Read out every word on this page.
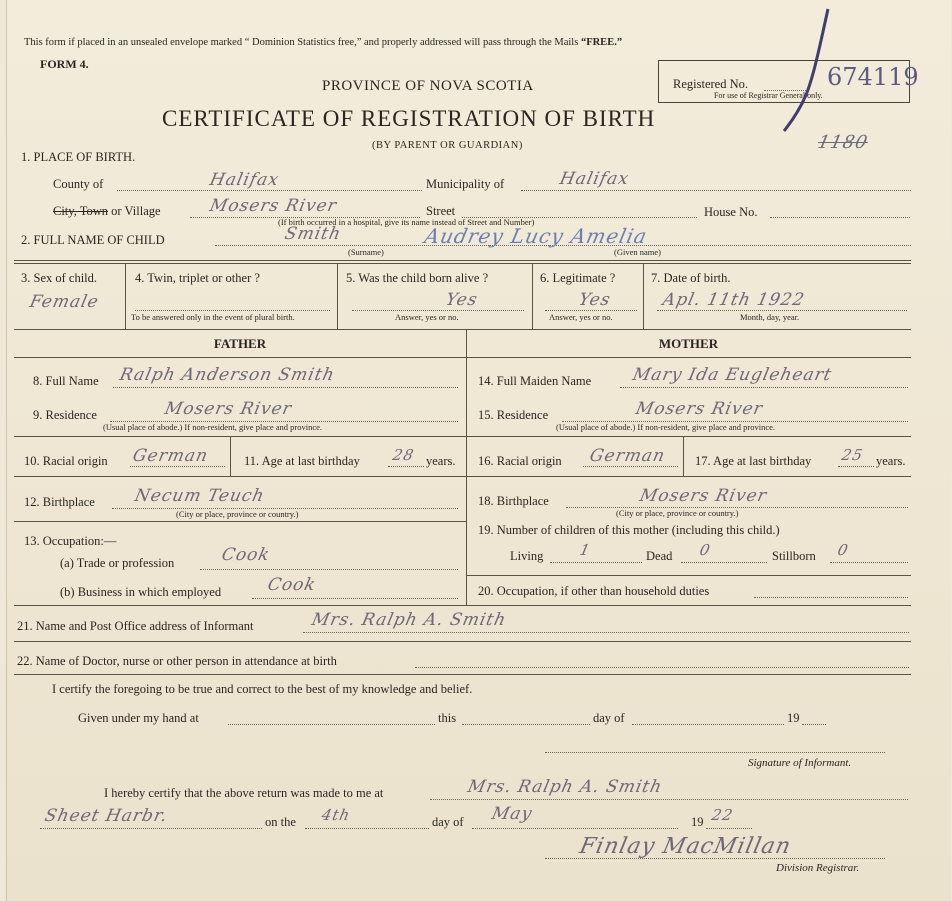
This form if placed in an unsealed envelope marked “ Dominion Statistics free,” and properly addressed will pass through the Mails “FREE.”
FORM 4.
PROVINCE OF NOVA SCOTIA
CERTIFICATE OF REGISTRATION OF BIRTH
(BY PARENT OR GUARDIAN)
Registered No.
For use of Registrar General only.
674119
1180
1. PLACE OF BIRTH.
County of	Halifax	Municipality of	Halifax
City, Town or Village	Mosers River	Street
(If birth occurred in a hospital, give its name instead of Street and Number)
House No.
2. FULL NAME OF CHILD	Smith	Audrey Lucy Amelia
(Surname)	(Given name)
3. Sex of child.
Female
4. Twin, triplet or other ?
To be answered only in the event of plural birth.
5. Was the child born alive ?
Yes
Answer, yes or no.
6. Legitimate ?
Yes
Answer, yes or no.
7. Date of birth.
Apl. 11th 1922
Month, day, year.
FATHER	MOTHER
8. Full Name Ralph Anderson Smith
9. Residence	Mosers River
(Usual place of abode.) If non-resident, give place and province.
10. Racial origin German	11. Age at last birthday 28 years.
12. Birthplace Necum Teuch
(City or place, province or country.)
13. Occupation:—
(a) Trade or profession	Cook
(b) Business in which employed	Cook
14. Full Maiden Name Mary Ida Eugleheart
15. Residence	Mosers River
(Usual place of abode.) If non-resident, give place and province.
16. Racial origin German 17. Age at last birthday 25 years.
18. Birthplace	Mosers River
(City or place, province or country.)
19. Number of children of this mother (including this child.)
Living 1	Dead 0	Stillborn 0
20. Occupation, if other than household duties
21. Name and Post Office address of Informant	Mrs. Ralph A. Smith
22. Name of Doctor, nurse or other person in attendance at birth
I certify the foregoing to be true and correct to the best of my knowledge and belief.
Given under my hand at	this	day of	19
Signature of Informant.
I hereby certify that the above return was made to me at	Mrs. Ralph A. Smith
Sheet Harbr.	on the 4th	day of May	19 22
Finlay MacMillan
Division Registrar.
